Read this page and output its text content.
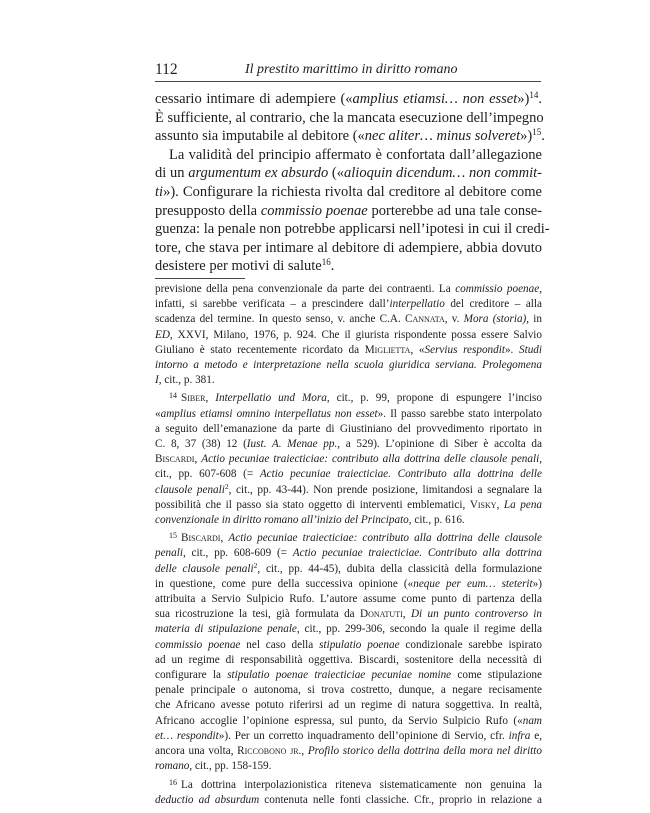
112	Il prestito marittimo in diritto romano
cessario intimare di adempiere («amplius etiamsi… non esset»)$^{14}$.
È sufficiente, al contrario, che la mancata esecuzione dell’impegno
assunto sia imputabile al debitore («nec aliter… minus solveret»)$^{15}$.
La validità del principio affermato è confortata dall’allegazione
di un argumentum ex absurdo («alioquin dicendum… non commit-
ti»). Configurare la richiesta rivolta dal creditore al debitore come
presupposto della commissio poenae porterebbe ad una tale conse-
guenza: la penale non potrebbe applicarsi nell’ipotesi in cui il credi-
tore, che stava per intimare al debitore di adempiere, abbia dovuto
desistere per motivi di salute$^{16}$.
previsione della pena convenzionale da parte dei contraenti. La commissio poenae,
infatti, si sarebbe verificata – a prescindere dall’interpellatio del creditore – alla
scadenza del termine. In questo senso, v. anche C.A. Cannata, v. Mora (storia), in
ED, XXVI, Milano, 1976, p. 924. Che il giurista rispondente possa essere Salvio
Giuliano è stato recentemente ricordato da Miglietta, «Servius respondit». Studi
intorno a metodo e interpretazione nella scuola giuridica serviana. Prolegomena
I, cit., p. 381.
$^{14}$ Siber, Interpellatio und Mora, cit., p. 99, propone di espungere l’inciso
«amplius etiamsi omnino interpellatus non esset». Il passo sarebbe stato interpolato
a seguito dell’emanazione da parte di Giustiniano del provvedimento riportato in
C. 8, 37 (38) 12 (Iust. A. Menae pp., a 529). L’opinione di Siber è accolta da
Biscardi, Actio pecuniae traiecticiae: contributo alla dottrina delle clausole penali,
cit., pp. 607-608 (= Actio pecuniae traiecticiae. Contributo alla dottrina delle
clausole penali$^2$, cit., pp. 43-44). Non prende posizione, limitandosi a segnalare la
possibilità che il passo sia stato oggetto di interventi emblematici, Visky, La pena
convenzionale in diritto romano all’inizio del Principato, cit., p. 616.
$^{15}$ Biscardi, Actio pecuniae traiecticiae: contributo alla dottrina delle clausole
penali, cit., pp. 608-609 (= Actio pecuniae traiecticiae. Contributo alla dottrina
delle clausole penali$^2$, cit., pp. 44-45), dubita della classicità della formulazione
in questione, come pure della successiva opinione («neque per eum… steterit»)
attribuita a Servio Sulpicio Rufo. L’autore assume come punto di partenza della
sua ricostruzione la tesi, già formulata da Donatuti, Di un punto controverso in
materia di stipulazione penale, cit., pp. 299-306, secondo la quale il regime della
commissio poenae nel caso della stipulatio poenae condizionale sarebbe ispirato
ad un regime di responsabilità oggettiva. Biscardi, sostenitore della necessità di
configurare la stipulatio poenae traiecticiae pecuniae nomine come stipulazione
penale principale o autonoma, si trova costretto, dunque, a negare recisamente
che Africano avesse potuto riferirsi ad un regime di natura soggettiva. In realtà,
Africano accoglie l’opinione espressa, sul punto, da Servio Sulpicio Rufo («nam
et… respondit»). Per un corretto inquadramento dell’opinione di Servio, cfr. infra e,
ancora una volta, Riccobono jr., Profilo storico della dottrina della mora nel diritto
romano, cit., pp. 158-159.
$^{16}$ La dottrina interpolazionistica riteneva sistematicamente non genuina la
deductio ad absurdum contenuta nelle fonti classiche. Cfr., proprio in relazione a
